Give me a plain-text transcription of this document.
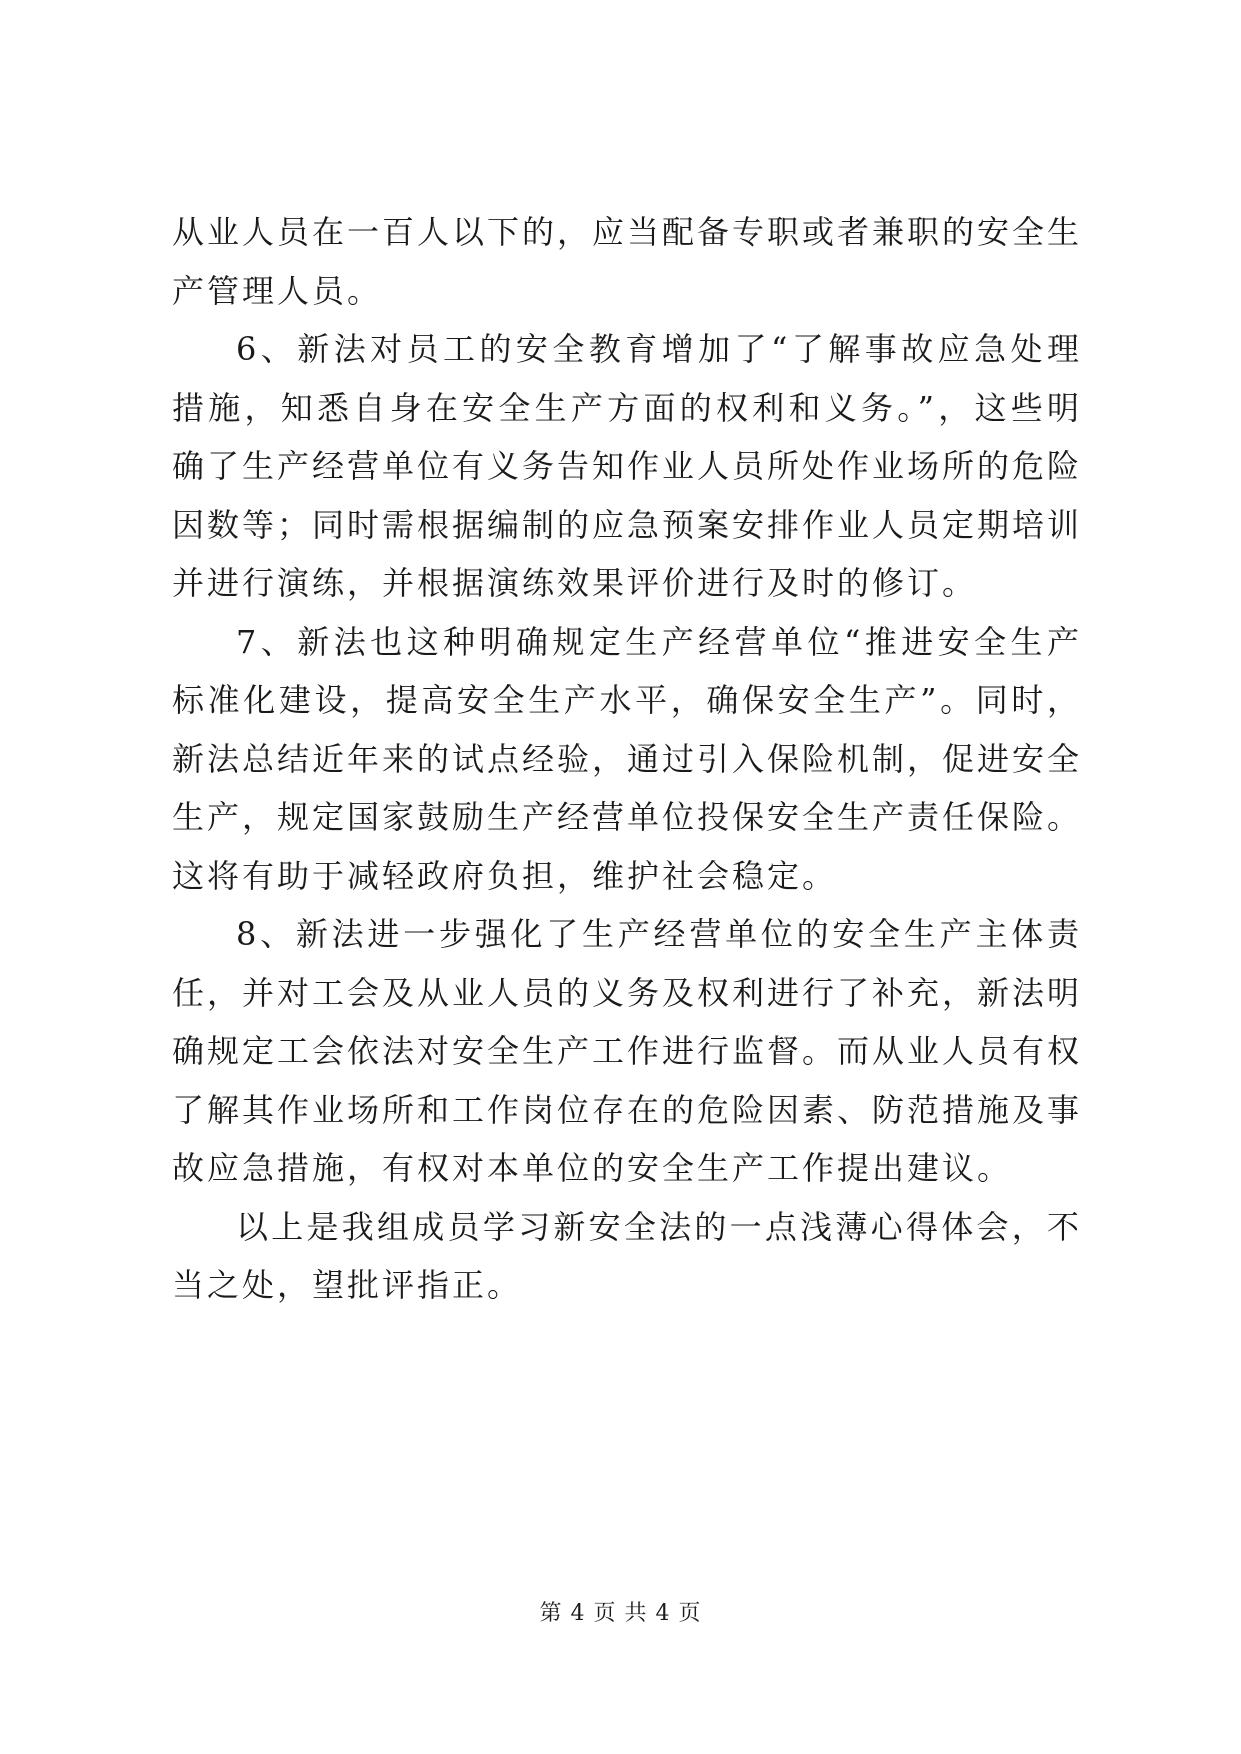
从业人员在一百人以下的，应当配备专职或者兼职的安全生产管理人员。

6、新法对员工的安全教育增加了“了解事故应急处理措施，知悉自身在安全生产方面的权利和义务。”，这些明确了生产经营单位有义务告知作业人员所处作业场所的危险因数等；同时需根据编制的应急预案安排作业人员定期培训并进行演练，并根据演练效果评价进行及时的修订。

7、新法也这种明确规定生产经营单位“推进安全生产标准化建设，提高安全生产水平，确保安全生产”。同时，新法总结近年来的试点经验，通过引入保险机制，促进安全生产，规定国家鼓励生产经营单位投保安全生产责任保险。这将有助于减轻政府负担，维护社会稳定。

8、新法进一步强化了生产经营单位的安全生产主体责任，并对工会及从业人员的义务及权利进行了补充，新法明确规定工会依法对安全生产工作进行监督。而从业人员有权了解其作业场所和工作岗位存在的危险因素、防范措施及事故应急措施，有权对本单位的安全生产工作提出建议。

以上是我组成员学习新安全法的一点浅薄心得体会，不当之处，望批评指正。

第 4 页 共 4 页
